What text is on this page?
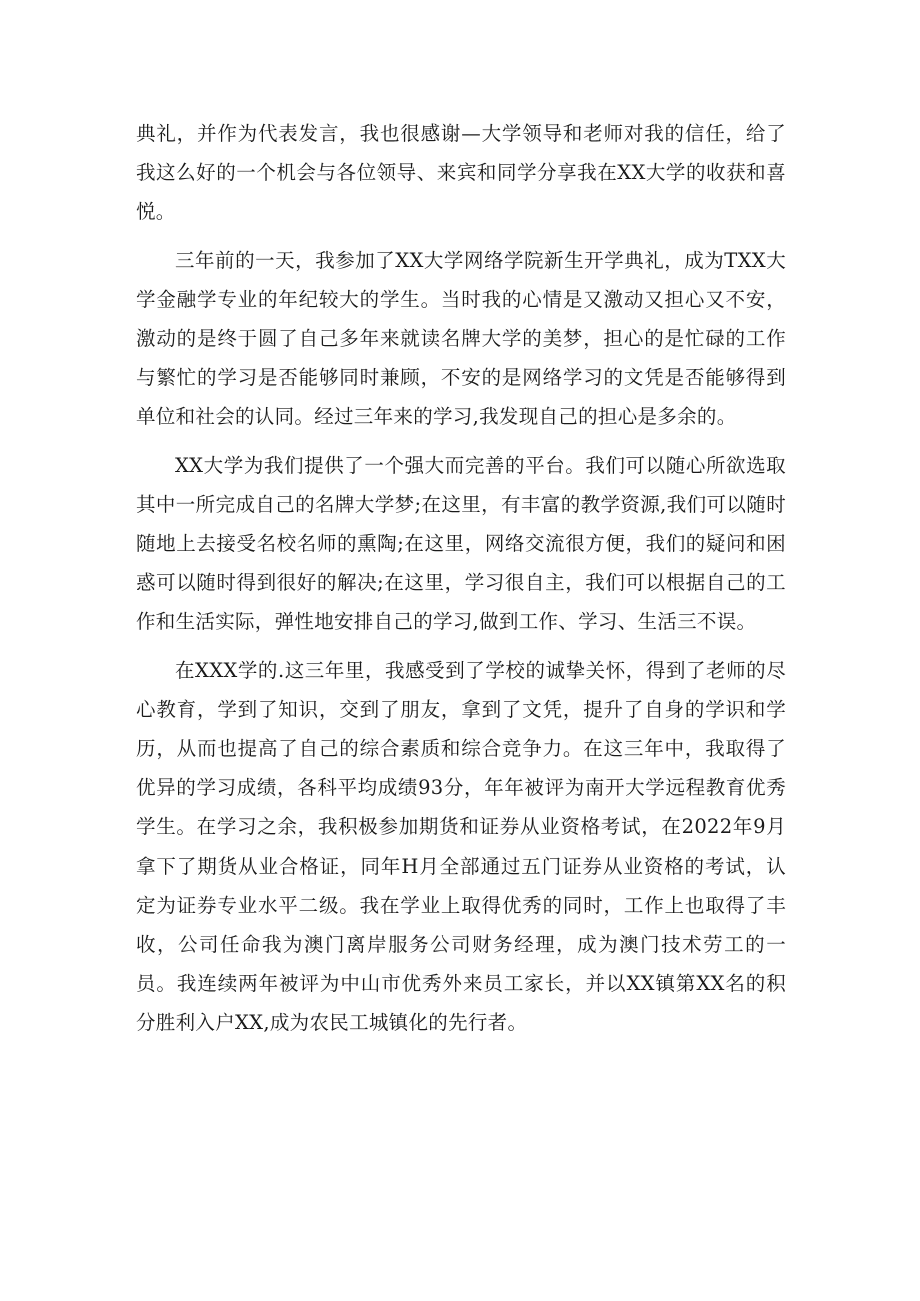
典礼，并作为代表发言，我也很感谢—大学领导和老师对我的信任，给了我这么好的一个机会与各位领导、来宾和同学分享我在XX大学的收获和喜悦。

三年前的一天，我参加了XX大学网络学院新生开学典礼，成为TXX大学金融学专业的年纪较大的学生。当时我的心情是又激动又担心又不安，激动的是终于圆了自己多年来就读名牌大学的美梦，担心的是忙碌的工作与繁忙的学习是否能够同时兼顾，不安的是网络学习的文凭是否能够得到单位和社会的认同。经过三年来的学习,我发现自己的担心是多余的。

XX大学为我们提供了一个强大而完善的平台。我们可以随心所欲选取其中一所完成自己的名牌大学梦;在这里，有丰富的教学资源,我们可以随时随地上去接受名校名师的熏陶;在这里，网络交流很方便，我们的疑问和困惑可以随时得到很好的解决;在这里，学习很自主，我们可以根据自己的工作和生活实际，弹性地安排自己的学习,做到工作、学习、生活三不误。

在XXX学的.这三年里，我感受到了学校的诚挚关怀，得到了老师的尽心教育，学到了知识，交到了朋友，拿到了文凭，提升了自身的学识和学历，从而也提高了自己的综合素质和综合竞争力。在这三年中，我取得了优异的学习成绩，各科平均成绩93分，年年被评为南开大学远程教育优秀学生。在学习之余，我积极参加期货和证券从业资格考试，在2022年9月拿下了期货从业合格证，同年H月全部通过五门证券从业资格的考试，认定为证券专业水平二级。我在学业上取得优秀的同时，工作上也取得了丰收，公司任命我为澳门离岸服务公司财务经理，成为澳门技术劳工的一员。我连续两年被评为中山市优秀外来员工家长，并以XX镇第XX名的积分胜利入户XX,成为农民工城镇化的先行者。
